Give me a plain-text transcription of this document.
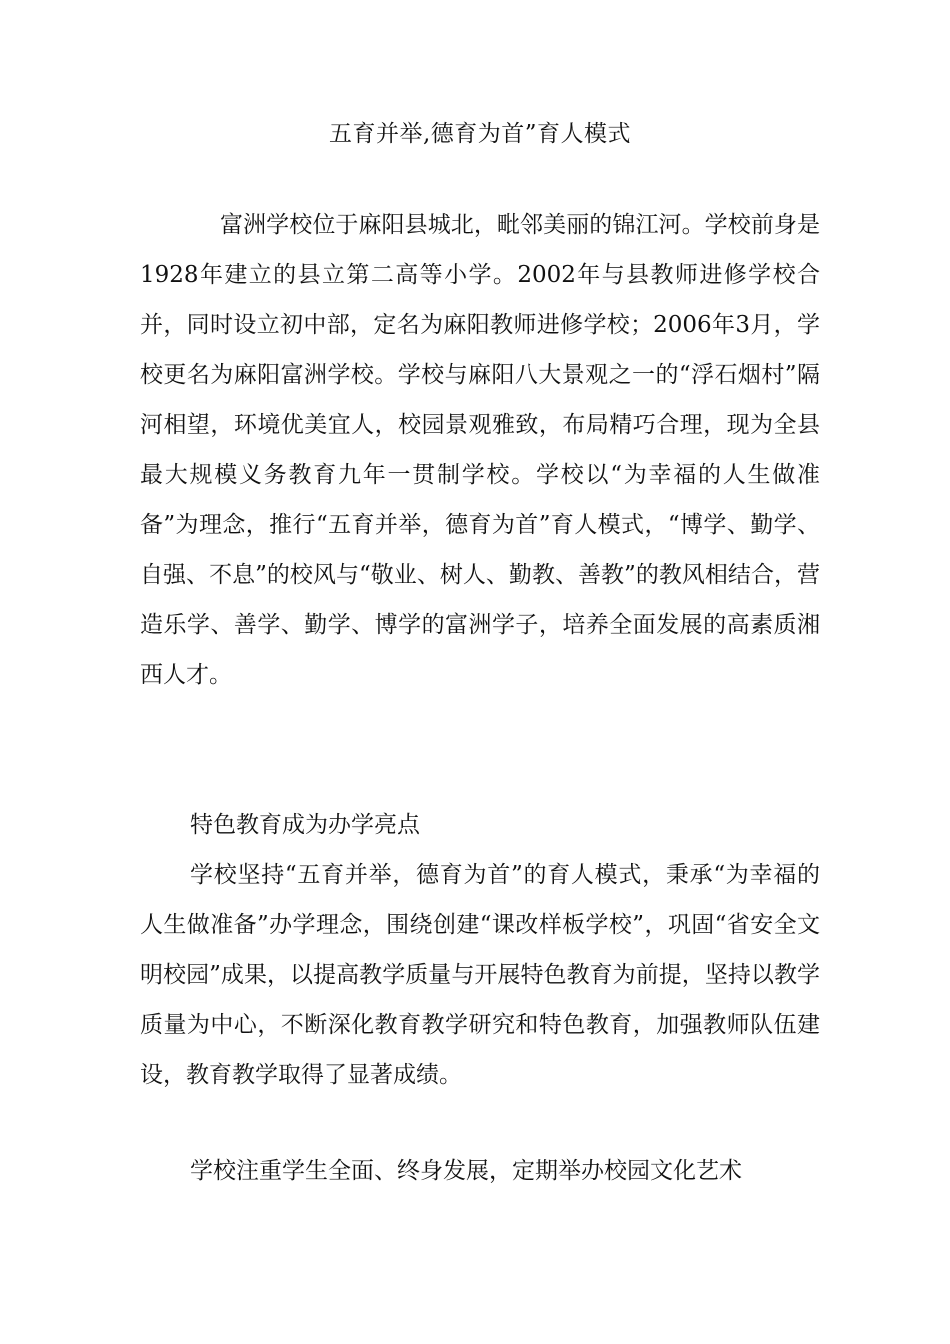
五育并举,德育为首”育人模式

富洲学校位于麻阳县城北，毗邻美丽的锦江河。学校前身是1928年建立的县立第二高等小学。2002年与县教师进修学校合并，同时设立初中部，定名为麻阳教师进修学校；2006年3月，学校更名为麻阳富洲学校。学校与麻阳八大景观之一的“浮石烟村”隔河相望，环境优美宜人，校园景观雅致，布局精巧合理，现为全县最大规模义务教育九年一贯制学校。学校以“为幸福的人生做准备”为理念，推行“五育并举，德育为首”育人模式，“博学、勤学、自强、不息”的校风与“敬业、树人、勤教、善教”的教风相结合，营造乐学、善学、勤学、博学的富洲学子，培养全面发展的高素质湘西人才。

特色教育成为办学亮点

学校坚持“五育并举，德育为首”的育人模式，秉承“为幸福的人生做准备”办学理念，围绕创建“课改样板学校”，巩固“省安全文明校园”成果，以提高教学质量与开展特色教育为前提，坚持以教学质量为中心，不断深化教育教学研究和特色教育，加强教师队伍建设，教育教学取得了显著成绩。

学校注重学生全面、终身发展，定期举办校园文化艺术
